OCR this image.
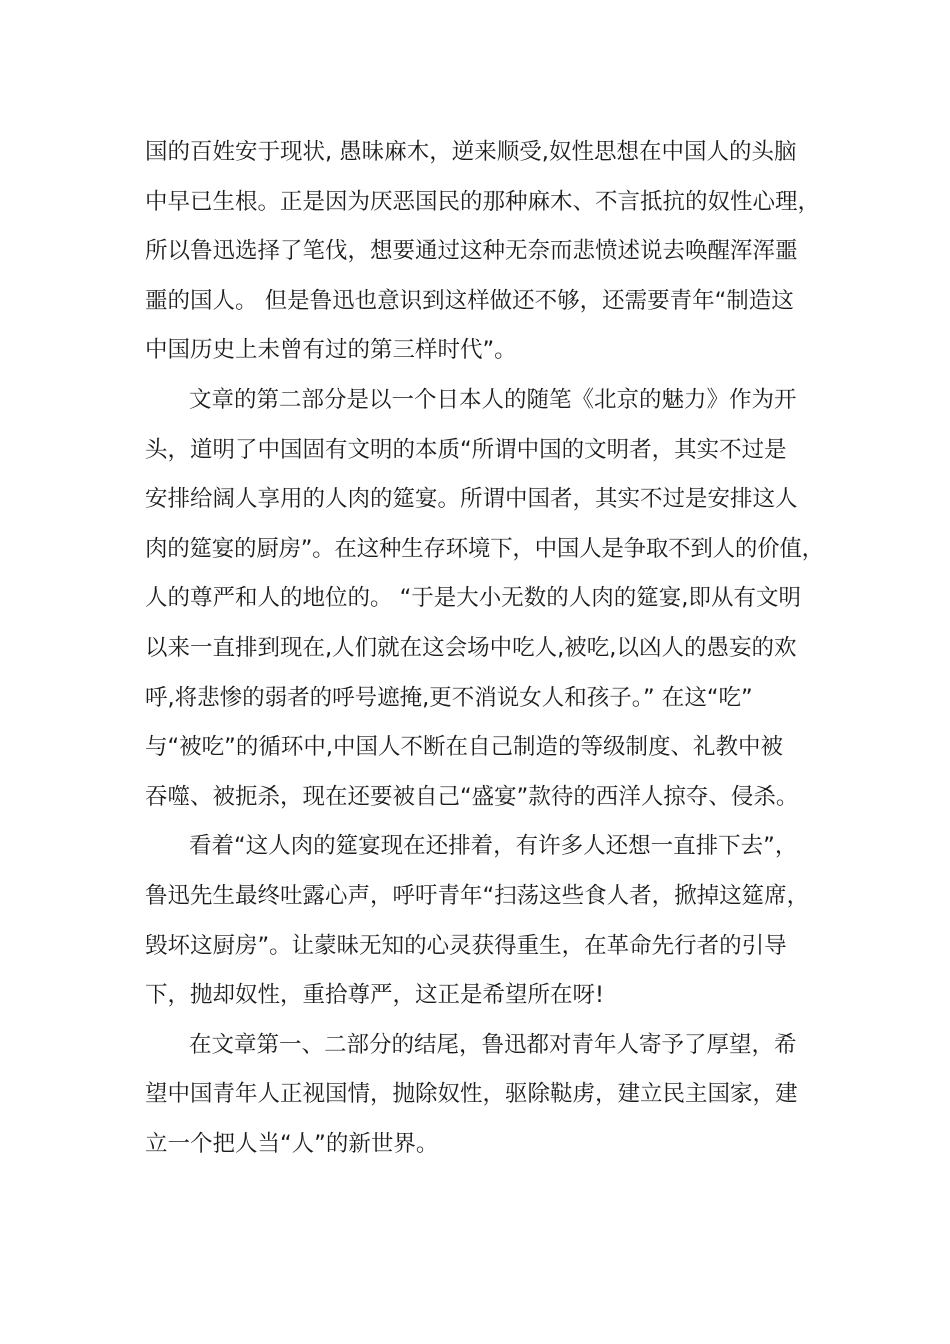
国的百姓安于现状, 愚昧麻木，逆来顺受,奴性思想在中国人的头脑
中早已生根。正是因为厌恶国民的那种麻木、不言抵抗的奴性心理，
所以鲁迅选择了笔伐，想要通过这种无奈而悲愤述说去唤醒浑浑噩
噩的国人。 但是鲁迅也意识到这样做还不够，还需要青年“制造这
中国历史上未曾有过的第三样时代”。
文章的第二部分是以一个日本人的随笔《北京的魅力》作为开
头，道明了中国固有文明的本质“所谓中国的文明者，其实不过是
安排给阔人享用的人肉的筵宴。所谓中国者，其实不过是安排这人
肉的筵宴的厨房”。在这种生存环境下，中国人是争取不到人的价值，
人的尊严和人的地位的。 “于是大小无数的人肉的筵宴,即从有文明
以来一直排到现在,人们就在这会场中吃人,被吃,以凶人的愚妄的欢
呼,将悲惨的弱者的呼号遮掩,更不消说女人和孩子。” 在这“吃”
与“被吃”的循环中,中国人不断在自己制造的等级制度、礼教中被
吞噬、被扼杀，现在还要被自己“盛宴”款待的西洋人掠夺、侵杀。
看着“这人肉的筵宴现在还排着，有许多人还想一直排下去”，
鲁迅先生最终吐露心声，呼吁青年“扫荡这些食人者，掀掉这筵席，
毁坏这厨房”。让蒙昧无知的心灵获得重生，在革命先行者的引导
下，抛却奴性，重拾尊严，这正是希望所在呀!
在文章第一、二部分的结尾，鲁迅都对青年人寄予了厚望，希
望中国青年人正视国情，抛除奴性，驱除鞑虏，建立民主国家，建
立一个把人当“人”的新世界。
